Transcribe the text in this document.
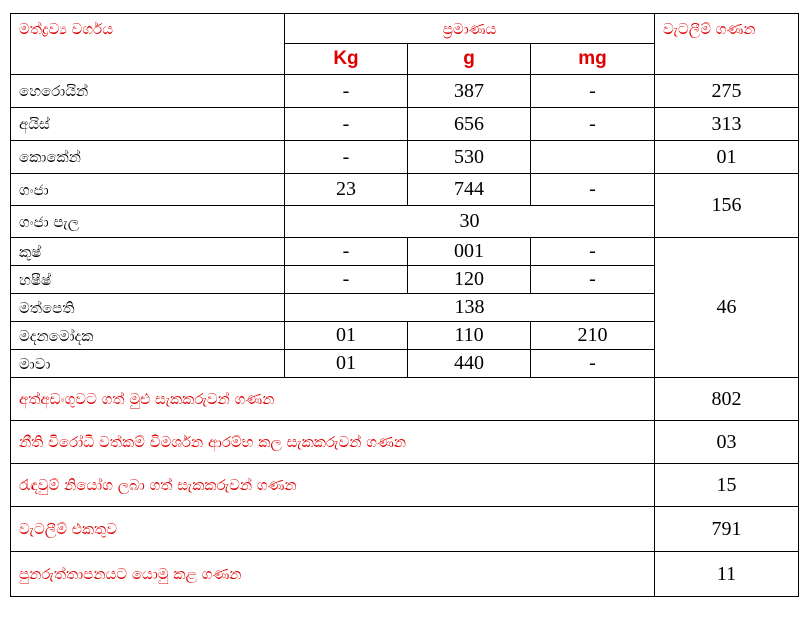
මත්ද්‍රව්‍ය වර්ගය	ප්‍රමාණය			වැටලීම් ගණන
	Kg	g	mg	
හෙරොයින්	-	387	-	275
අයිස්	-	656	-	313
කොකේන්	-	530		01
ගංජා	23	744	-	156
ගංජා පැල	30			
කුෂ්	-	001	-	46
හෂීෂ්	-	120	-	
මත්පෙති	138			
මදනමෝදක	01	110	210	
මාවා	01	440	-	
අත්අඩංගුවට ගත් මුළු සැකකරුවන් ගණන				802
නීති විරෝධී වත්කම් විමර්ශන ආරම්භ කල සැකකරුවන් ගණන				03
රැඳවුම් නියෝග ලබා ගත් සැකකරුවන් ගණන				15
වැටලීම් එකතුව				791
පුනරුත්තාපනයට යොමු කළ ගණන				11
